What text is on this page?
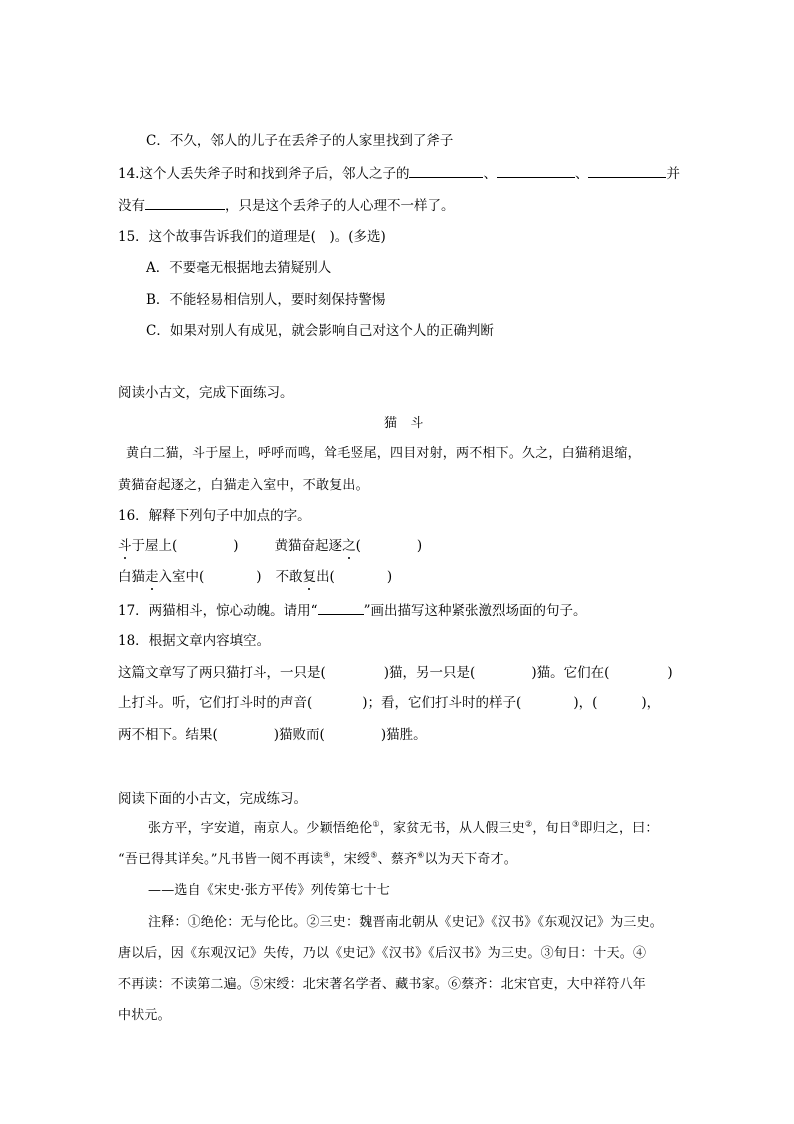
C．不久，邻人的儿子在丢斧子的人家里找到了斧子
14.这个人丢失斧子时和找到斧子后，邻人之子的	、	、	并
没有	，只是这个丢斧子的人心理不一样了。
15．这个故事告诉我们的道理是(　)。(多选)
A．不要毫无根据地去猜疑别人
B．不能轻易相信别人，要时刻保持警惕
C．如果对别人有成见，就会影响自己对这个人的正确判断
阅读小古文，完成下面练习。
猫　斗
黄白二猫，斗于屋上，呼呼而鸣，耸毛竖尾，四目对射，两不相下。久之，白猫稍退缩，
黄猫奋起逐之，白猫走入室中，不敢复出。
16．解释下列句子中加点的字。
斗于屋上(	)	黄猫奋起逐之(	)
白猫走入室中(	) 不敢复出(	)
17．两猫相斗，惊心动魄。请用“	”画出描写这种紧张激烈场面的句子。
18．根据文章内容填空。
这篇文章写了两只猫打斗，一只是(	)猫，另一只是(	)猫。它们在(	)
上打斗。听，它们打斗时的声音(	)；看，它们打斗时的样子(	)，(	)，
两不相下。结果(	)猫败而(	)猫胜。
阅读下面的小古文，完成练习。
张方平，字安道，南京人。少颖悟绝伦①，家贫无书，从人假三史②，旬日③即归之，曰：
“吾已得其详矣。”凡书皆一阅不再读④，宋绶⑤、蔡齐⑥以为天下奇才。
——选自《宋史·张方平传》列传第七十七
注释：①绝伦：无与伦比。②三史：魏晋南北朝从《史记》《汉书》《东观汉记》为三史。
唐以后，因《东观汉记》失传，乃以《史记》《汉书》《后汉书》为三史。③旬日：十天。④
不再读：不读第二遍。⑤宋绶：北宋著名学者、藏书家。⑥蔡齐：北宋官吏，大中祥符八年
中状元。
